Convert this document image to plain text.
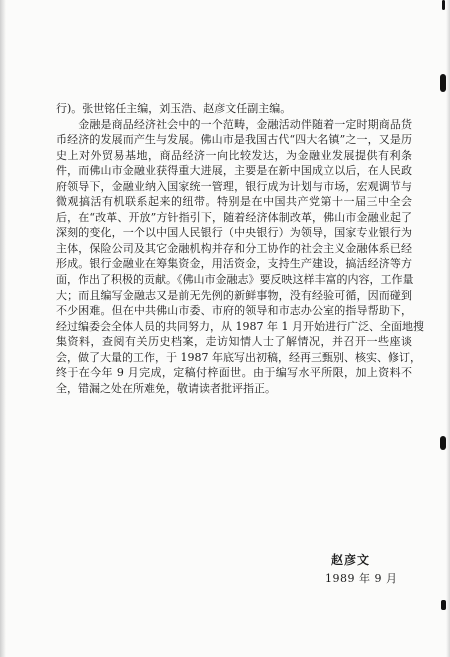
行)。张世铭任主编，刘玉浩、赵彦文任副主编。
　　金融是商品经济社会中的一个范畴，金融活动伴随着一定时期商品货
币经济的发展而产生与发展。佛山市是我国古代“四大名镇”之一，又是历
史上对外贸易基地，商品经济一向比较发达，为金融业发展提供有利条
件，而佛山市金融业获得重大进展，主要是在新中国成立以后，在人民政
府领导下，金融业纳入国家统一管理，银行成为计划与市场，宏观调节与
微观搞活有机联系起来的纽带。特别是在中国共产党第十一届三中全会
后，在“改革、开放”方针指引下，随着经济体制改革，佛山市金融业起了
深刻的变化，一个以中国人民银行（中央银行）为领导，国家专业银行为
主体，保险公司及其它金融机构并存和分工协作的社会主义金融体系已经
形成。银行金融业在筹集资金，用活资金，支持生产建设，搞活经济等方
面，作出了积极的贡献。《佛山市金融志》要反映这样丰富的内容，工作量
大；而且编写金融志又是前无先例的新鲜事物，没有经验可循，因而碰到
不少困难。但在中共佛山市委、市府的领导和市志办公室的指导帮助下，
经过编委会全体人员的共同努力，从 1987 年 1 月开始进行广泛、全面地搜
集资料，查阅有关历史档案，走访知情人士了解情况，并召开一些座谈
会，做了大量的工作，于 1987 年底写出初稿，经再三甄别、核实、修订，
终于在今年 9 月完成，定稿付梓面世。由于编写水平所限，加上资料不
全，错漏之处在所难免，敬请读者批评指正。
赵彦文
1989 年 9 月
